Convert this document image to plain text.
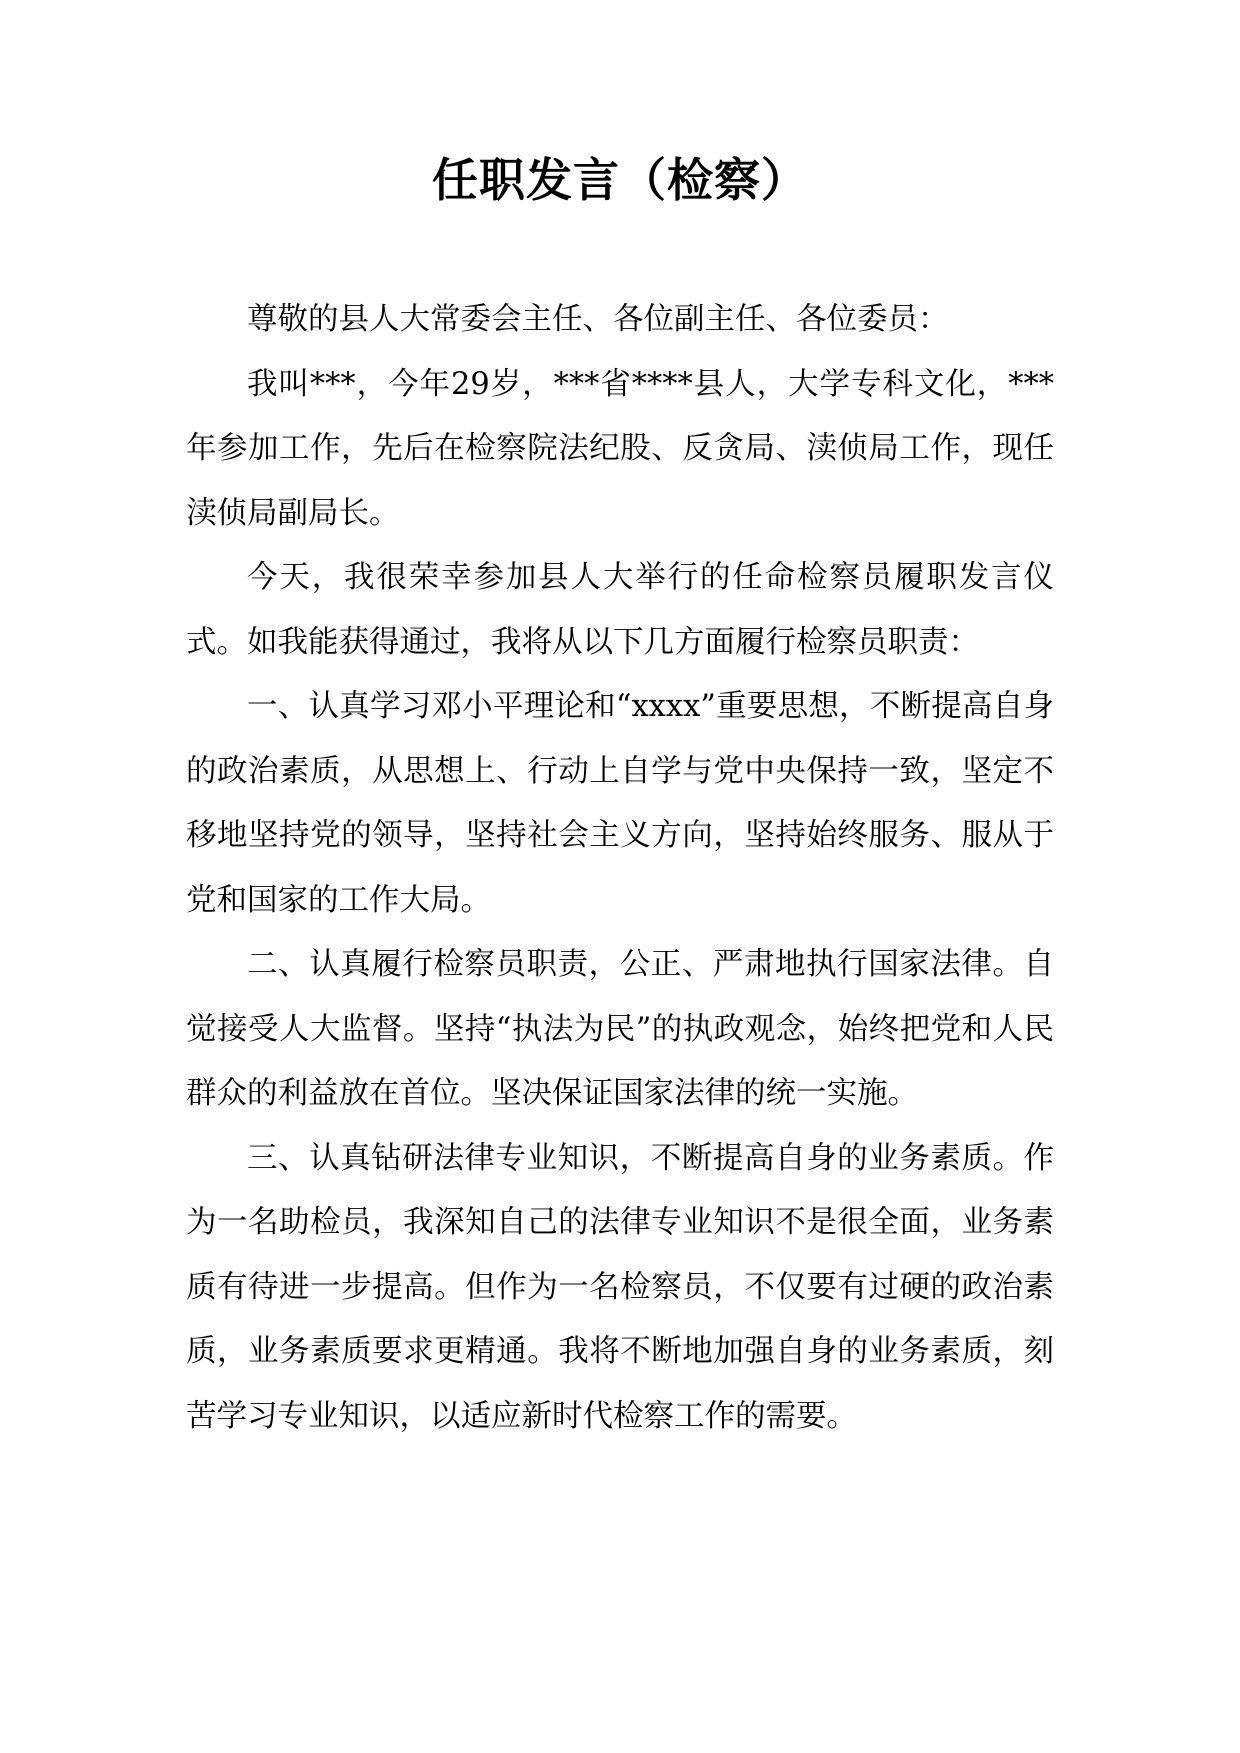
任职发言（检察）

尊敬的县人大常委会主任、各位副主任、各位委员：

我叫***，今年29岁，***省****县人，大学专科文化，***年参加工作，先后在检察院法纪股、反贪局、渎侦局工作，现任渎侦局副局长。

今天，我很荣幸参加县人大举行的任命检察员履职发言仪式。如我能获得通过，我将从以下几方面履行检察员职责：

一、认真学习邓小平理论和“xxxx”重要思想，不断提高自身的政治素质，从思想上、行动上自学与党中央保持一致，坚定不移地坚持党的领导，坚持社会主义方向，坚持始终服务、服从于党和国家的工作大局。

二、认真履行检察员职责，公正、严肃地执行国家法律。自觉接受人大监督。坚持“执法为民”的执政观念，始终把党和人民群众的利益放在首位。坚决保证国家法律的统一实施。

三、认真钻研法律专业知识，不断提高自身的业务素质。作为一名助检员，我深知自己的法律专业知识不是很全面，业务素质有待进一步提高。但作为一名检察员，不仅要有过硬的政治素质，业务素质要求更精通。我将不断地加强自身的业务素质，刻苦学习专业知识，以适应新时代检察工作的需要。
